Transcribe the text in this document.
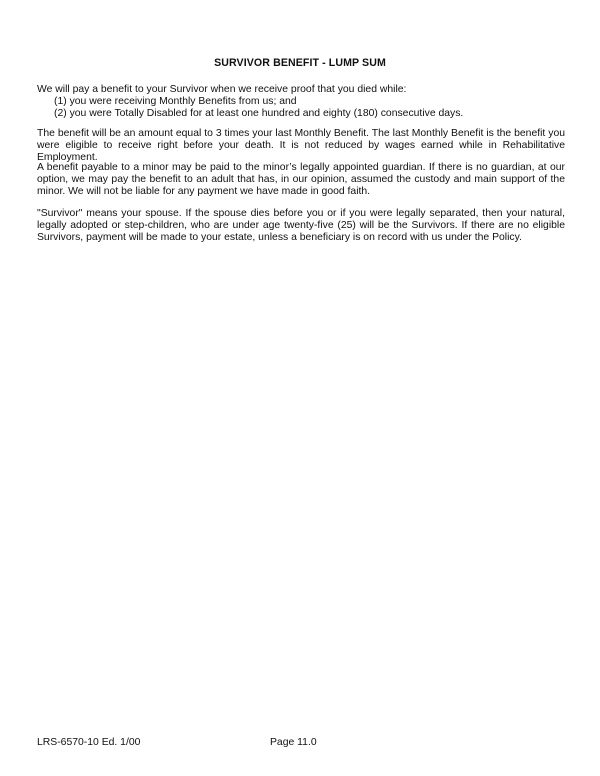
SURVIVOR BENEFIT - LUMP SUM

We will pay a benefit to your Survivor when we receive proof that you died while:

(1) you were receiving Monthly Benefits from us; and
(2) you were Totally Disabled for at least one hundred and eighty (180) consecutive days.

The benefit will be an amount equal to 3 times your last Monthly Benefit. The last Monthly Benefit is the benefit you were eligible to receive right before your death. It is not reduced by wages earned while in Rehabilitative Employment.

A benefit payable to a minor may be paid to the minor’s legally appointed guardian. If there is no guardian, at our option, we may pay the benefit to an adult that has, in our opinion, assumed the custody and main support of the minor. We will not be liable for any payment we have made in good faith.

"Survivor" means your spouse. If the spouse dies before you or if you were legally separated, then your natural, legally adopted or step-children, who are under age twenty-five (25) will be the Survivors. If there are no eligible Survivors, payment will be made to your estate, unless a beneficiary is on record with us under the Policy.

LRS-6570-10 Ed. 1/00	Page 11.0
